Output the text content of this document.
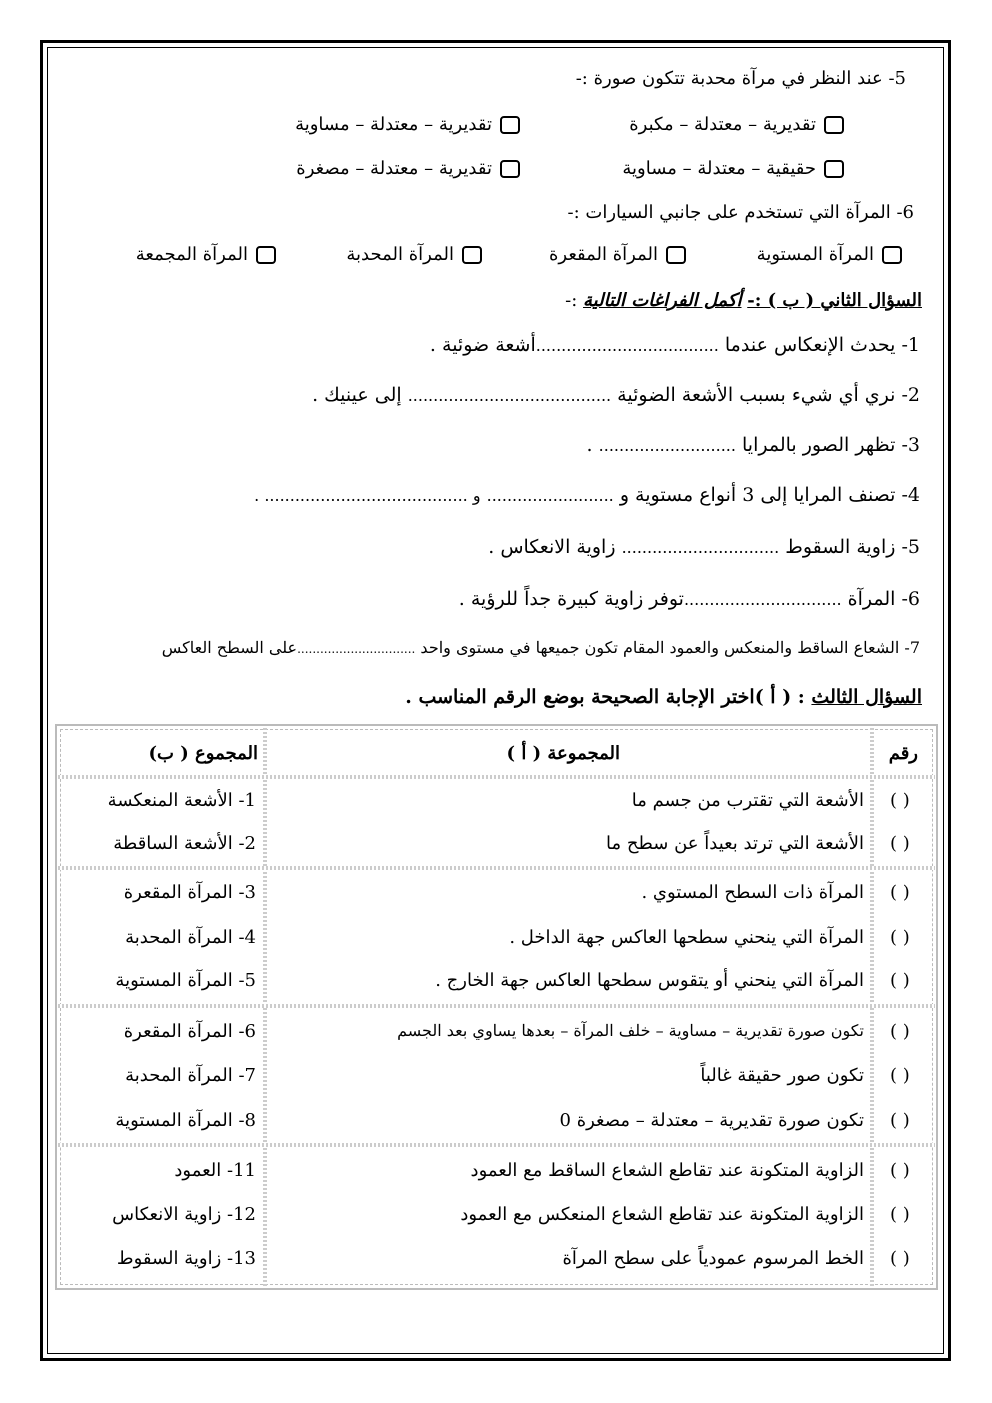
5- عند النظر في مرآة محدبة تتكون صورة :-
تقديرية – معتدلة – مكبرة
تقديرية – معتدلة – مساوية
حقيقية – معتدلة – مساوية
تقديرية – معتدلة – مصغرة
6- المرآة التي تستخدم على جانبي السيارات :-
المرآة المستوية
المرآة المقعرة
المرآة المحدبة
المرآة المجمعة
السؤال الثاني ( ب ) :- أكمل الفراغات التالية :-
1- يحدث الإنعكاس عندما ....................................أشعة ضوئية .
2- نري أي شيء بسبب الأشعة الضوئية ........................................ إلى عينيك .
3- تظهر الصور بالمرايا ........................... .
4- تصنف المرايا إلى 3 أنواع مستوية و ......................... و ........................................ .
5- زاوية السقوط ............................... زاوية الانعكاس .
6- المرآة ...............................توفر زاوية كبيرة جداً للرؤية .
7- الشعاع الساقط والمنعكس والعمود المقام تكون جميعها في مستوى واحد ...............................على السطح العاكس
السؤال الثالث : ( أ )اختر الإجابة الصحيحة بوضع الرقم المناسب .
رقم
المجموعة ( أ )
المجموع ( ب)
( )
الأشعة التي تقترب من جسم ما
1- الأشعة المنعكسة
( )
الأشعة التي ترتد بعيداً عن سطح ما
2- الأشعة الساقطة
( )
المرآة ذات السطح المستوي .
3- المرآة المقعرة
( )
المرآة التي ينحني سطحها العاكس جهة الداخل .
4- المرآة المحدبة
( )
المرآة التي ينحني أو يتقوس سطحها العاكس جهة الخارج .
5- المرآة المستوية
( )
تكون صورة تقديرية – مساوية – خلف المرآة – بعدها يساوي بعد الجسم
6- المرآة المقعرة
( )
تكون صور حقيقة غالباً
7- المرآة المحدبة
( )
تكون صورة تقديرية – معتدلة – مصغرة 0
8- المرآة المستوية
( )
الزاوية المتكونة عند تقاطع الشعاع الساقط مع العمود
11- العمود
( )
الزاوية المتكونة عند تقاطع الشعاع المنعكس مع العمود
12- زاوية الانعكاس
( )
الخط المرسوم عمودياً على سطح المرآة
13- زاوية السقوط
